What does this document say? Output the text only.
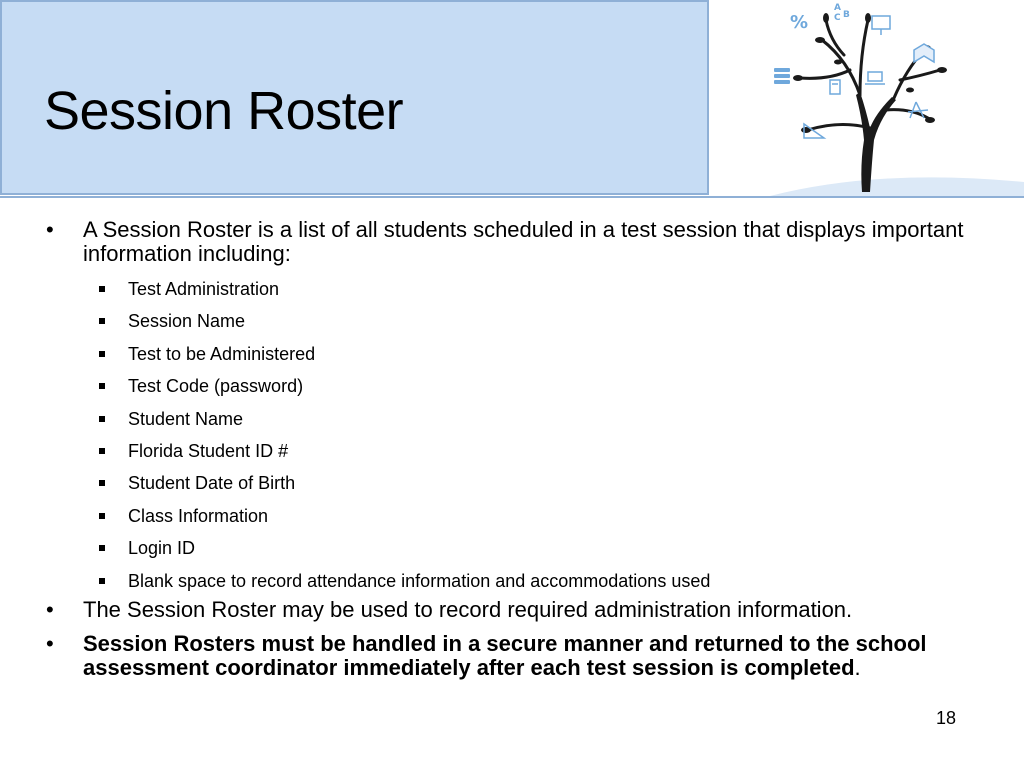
Session Roster
%
A
C B
• A Session Roster is a list of all students scheduled in a test session that displays important information including:
Test Administration
Session Name
Test to be Administered
Test Code (password)
Student Name
Florida Student ID #
Student Date of Birth
Class Information
Login ID
Blank space to record attendance information and accommodations used
• The Session Roster may be used to record required administration information.
• Session Rosters must be handled in a secure manner and returned to the school assessment coordinator immediately after each test session is completed.
18
